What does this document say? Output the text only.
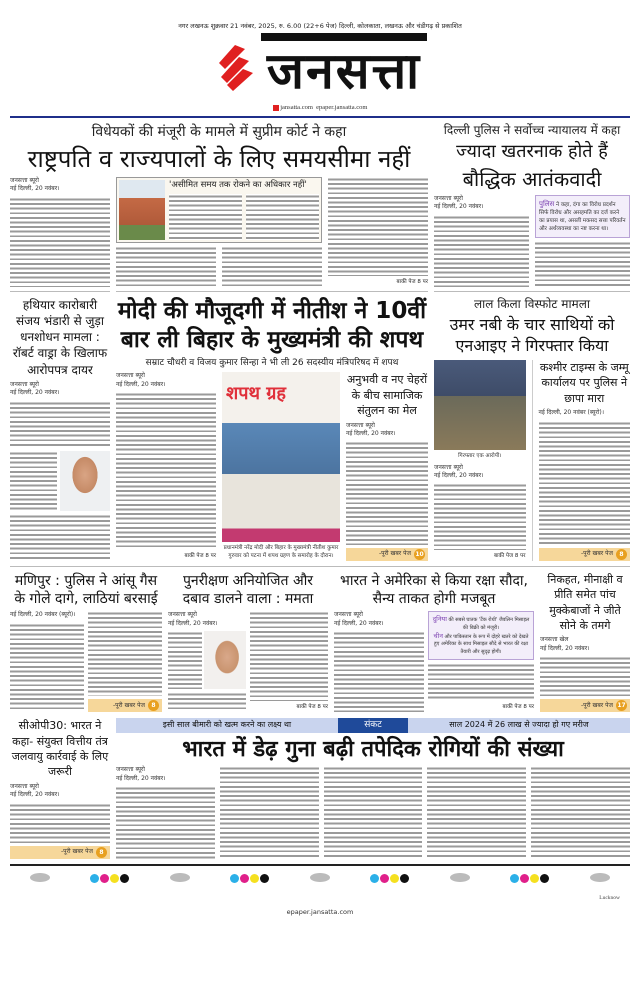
नगर लखनऊ शुक्रवार 21 नवंबर, 2025, रु. 6.00 (22+6 पेज) दिल्ली, कोलकाता, लखनऊ और चंडीगढ़ से प्रकाशित
जनसत्ता
jansatta.com epaper.jansatta.com
विधेयकों की मंजूरी के मामले में सुप्रीम कोर्ट ने कहा
राष्ट्रपति व राज्यपालों के लिए समयसीमा नहीं
जनसत्ता ब्यूरो
नई दिल्ली, 20 नवंबर।	'असीमित समय तक रोकने का अधिकार नहीं'
बाकी पेज 8 पर
दिल्ली पुलिस ने सर्वोच्च न्यायालय में कहा
ज्यादा खतरनाक होते हैं
बौद्धिक आतंकवादी
जनसत्ता ब्यूरो
नई दिल्ली, 20 नवंबर।	पुलिस ने कहा, दंगा का विरोध प्रदर्शन सिर्फ विरोध और असहमति का दर्ज करने का प्रयास था, असली मकसद सत्ता परिवर्तन और अर्थव्यवस्था का नष्ट करना था।
हथियार कारोबारी संजय भंडारी से जुड़ा धनशोधन मामला : रॉबर्ट वाड्रा के खिलाफ आरोपपत्र दायर
जनसत्ता ब्यूरो
नई दिल्ली, 20 नवंबर।
मोदी की मौजूदगी में नीतीश ने 10वीं बार ली बिहार के मुख्यमंत्री की शपथ
सम्राट चौधरी व विजय कुमार सिन्हा ने भी ली 26 सदस्यीय मंत्रिपरिषद में शपथ
जनसत्ता ब्यूरो
नई दिल्ली, 20 नवंबर।
बाकी पेज 8 पर
शपथ ग्रह
प्रधानमंत्री नरेंद्र मोदी और बिहार के मुख्यमंत्री नीतीश कुमार गुरुवार को पटना में शपथ ग्रहण के समारोह के दौरान।
अनुभवी व नए चेहरों के बीच सामाजिक संतुलन का मेल
जनसत्ता ब्यूरो
नई दिल्ली, 20 नवंबर।
-पूरी खबर पेज 10
लाल किला विस्फोट मामला
उमर नबी के चार साथियों को एनआइए ने गिरफ्तार किया
गिरफ्तार एक आरोपी।
जनसत्ता ब्यूरो
नई दिल्ली, 20 नवंबर।
बाकी पेज 8 पर
कश्मीर टाइम्स के जम्मू कार्यालय पर पुलिस ने छापा मारा
नई दिल्ली, 20 नवंबर (ब्यूरो)।
-पूरी खबर पेज	8
मणिपुर : पुलिस ने आंसू गैस के गोले दागे, लाठियां बरसाई
नई दिल्ली, 20 नवंबर (ब्यूरो)।
-पूरी खबर पेज	8
पुनरीक्षण अनियोजित और दबाव डालने वाला : ममता
जनसत्ता ब्यूरो
नई दिल्ली, 20 नवंबर।
बाकी पेज 8 पर
भारत ने अमेरिका से किया रक्षा सौदा, सैन्य ताकत होगी मजबूत
जनसत्ता ब्यूरो
नई दिल्ली, 20 नवंबर।	दुनिया की सबसे घातक 'टैंक रोधी' जैवलिन मिसाइल की बिक्री को मंजूरी।
चीन और पाकिस्तान के रूप में दोहरे खतरे को देखते हुए अमेरिका के साथ मिसाइल सौदे से भारत की रक्षा तैयारी और सुदृढ़ होगी।
बाकी पेज 8 पर
निकहत, मीनाक्षी व प्रीति समेत पांच मुक्केबाजों ने जीते सोने के तमगे
जनसत्ता खेल
नई दिल्ली, 20 नवंबर।
-पूरी खबर पेज 17
सीओपी30: भारत ने कहा- संयुक्त वित्तीय तंत्र जलवायु कार्रवाई के लिए जरूरी
जनसत्ता ब्यूरो
नई दिल्ली, 20 नवंबर।
-पूरी खबर पेज	8
इसी साल बीमारी को खत्म करने का लक्ष्य था	संकट	साल 2024 में 26 लाख से ज्यादा हो गए मरीज
भारत में डेढ़ गुना बढ़ी तपेदिक रोगियों की संख्या
जनसत्ता ब्यूरो
नई दिल्ली, 20 नवंबर।
Lucknow
epaper.jansatta.com
